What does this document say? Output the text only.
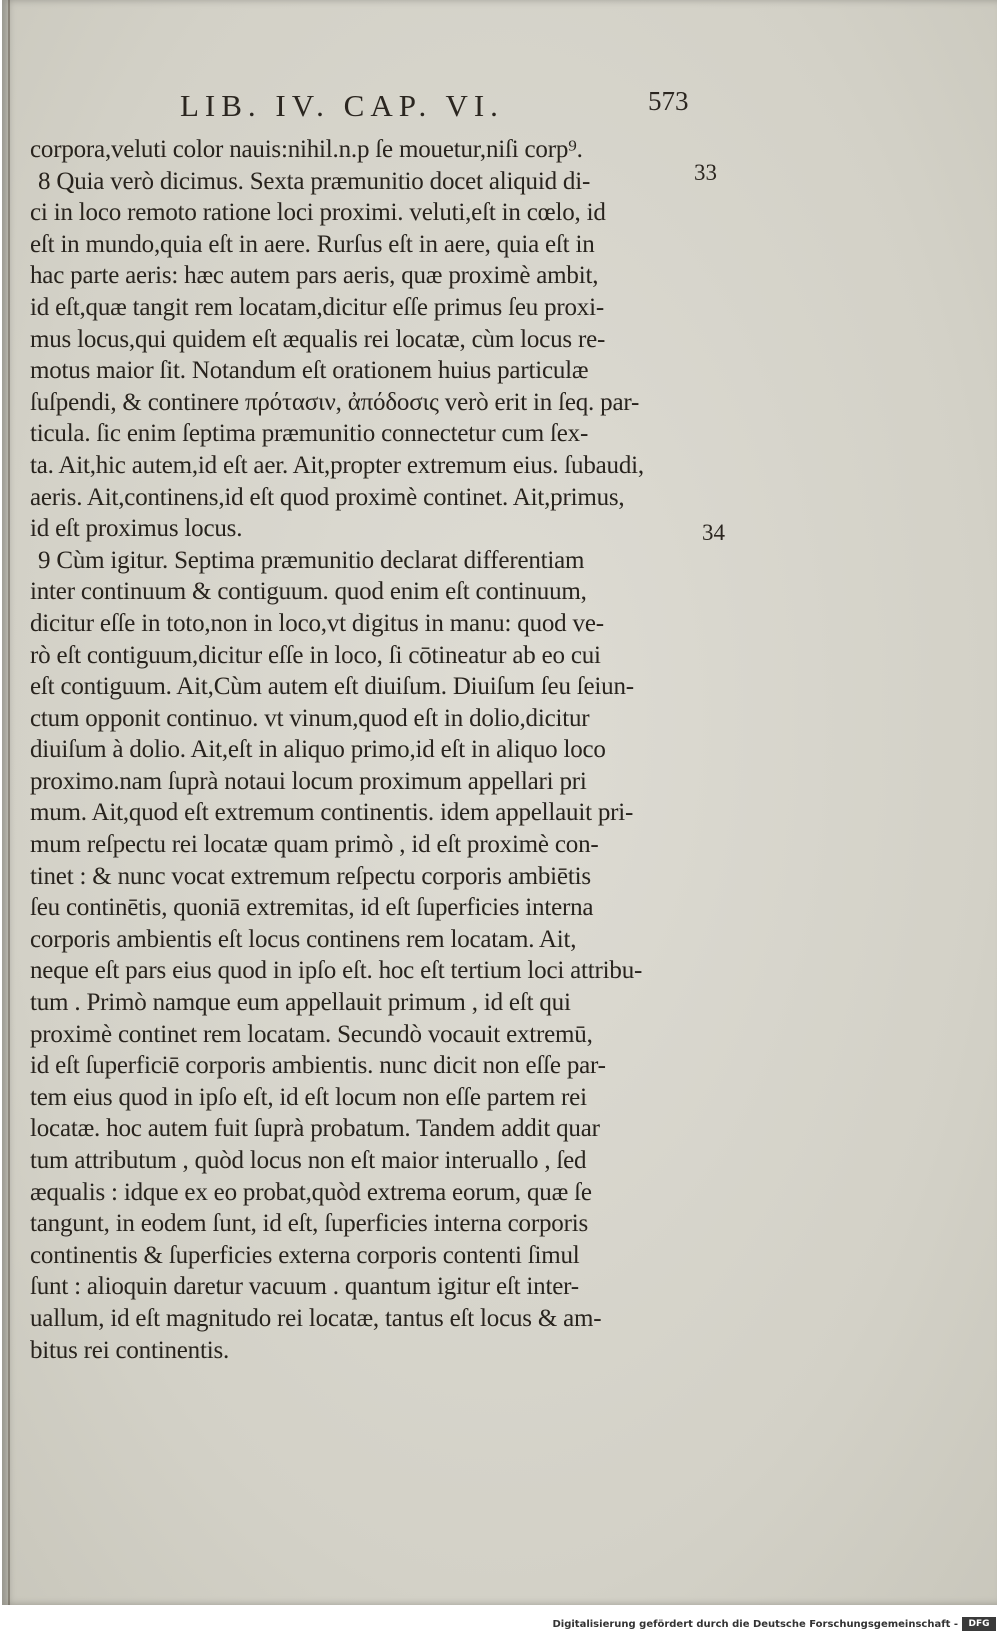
LIB. IV. CAP. VI.	573
33
34
corpora,veluti color nauis:nihil.n.p ſe mouetur,niſi corp⁹.
8 Quia verò dicimus. Sexta præmunitio docet aliquid di-
ci in loco remoto ratione loci proximi. veluti,eſt in cœlo, id
eſt in mundo,quia eſt in aere. Rurſus eſt in aere, quia eſt in
hac parte aeris: hæc autem pars aeris, quæ proximè ambit,
id eſt,quæ tangit rem locatam,dicitur eſſe primus ſeu proxi-
mus locus,qui quidem eſt æqualis rei locatæ, cùm locus re-
motus maior ſit. Notandum eſt orationem huius particulæ
ſuſpendi, & continere πρότασιν, ἀπόδοσις verò erit in ſeq. par-
ticula. ſic enim ſeptima præmunitio connectetur cum ſex-
ta. Ait,hic autem,id eſt aer. Ait,propter extremum eius. ſubaudi,
aeris. Ait,continens,id eſt quod proximè continet. Ait,primus,
id eſt proximus locus.
9 Cùm igitur. Septima præmunitio declarat differentiam
inter continuum & contiguum. quod enim eſt continuum,
dicitur eſſe in toto,non in loco,vt digitus in manu: quod ve-
rò eſt contiguum,dicitur eſſe in loco, ſi cōtineatur ab eo cui
eſt contiguum. Ait,Cùm autem eſt diuiſum. Diuiſum ſeu ſeiun-
ctum opponit continuo. vt vinum,quod eſt in dolio,dicitur
diuiſum à dolio. Ait,eſt in aliquo primo,id eſt in aliquo loco
proximo.nam ſuprà notaui locum proximum appellari pri
mum. Ait,quod eſt extremum continentis. idem appellauit pri-
mum reſpectu rei locatæ quam primò , id eſt proximè con-
tinet : & nunc vocat extremum reſpectu corporis ambiētis
ſeu continētis, quoniā extremitas, id eſt ſuperficies interna
corporis ambientis eſt locus continens rem locatam. Ait,
neque eſt pars eius quod in ipſo eſt. hoc eſt tertium loci attribu-
tum . Primò namque eum appellauit primum , id eſt qui
proximè continet rem locatam. Secundò vocauit extremū,
id eſt ſuperficiē corporis ambientis. nunc dicit non eſſe par-
tem eius quod in ipſo eſt, id eſt locum non eſſe partem rei
locatæ. hoc autem fuit ſuprà probatum. Tandem addit quar
tum attributum , quòd locus non eſt maior interuallo , ſed
æqualis : idque ex eo probat,quòd extrema eorum, quæ ſe
tangunt, in eodem ſunt, id eſt, ſuperficies interna corporis
continentis & ſuperficies externa corporis contenti ſimul
ſunt : alioquin daretur vacuum . quantum igitur eſt inter-
uallum, id eſt magnitudo rei locatæ, tantus eſt locus & am-
bitus rei continentis.
Digitalisierung gefördert durch die Deutsche Forschungsgemeinschaft -	DFG
